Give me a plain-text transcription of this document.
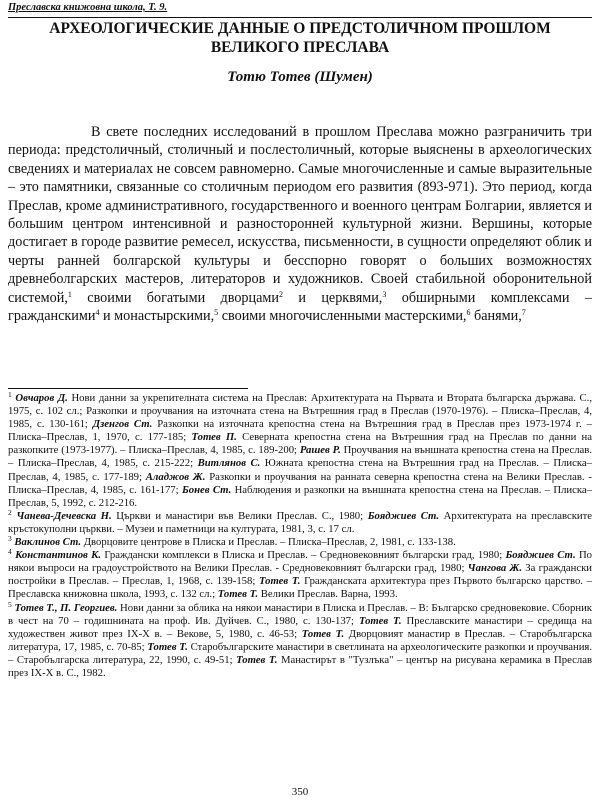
Преславска книжовна школа, Т. 9.
АРХЕОЛОГИЧЕСКИЕ ДАННЫЕ О ПРЕДСТОЛИЧНОМ ПРОШЛОМ
ВЕЛИКОГО ПРЕСЛАВА
Тотю Тотев (Шумен)

В свете последних исследований в прошлом Преслава можно разграничить три периода: предстоличный, столичный и послестоличный, которые выяснены в археологических сведениях и материалах не совсем равномерно. Самые многочисленные и самые выразительные – это памятники, связанные со столичным периодом его развития (893-971). Это период, когда Преслав, кроме административного, государственного и военного центрам Болгарии, является и большим центром интенсивной и разносторонней культурной жизни. Вершины, которые достигает в городе развитие ремесел, искусства, письменности, в сущности определяют облик и черты ранней болгарской культуры и бесспорно говорят о больших возможностях древнеболгарских мастеров, литераторов и художников. Своей стабильной оборонительной системой,$^1$ своими богатыми дворцами$^2$ и церквями,$^3$ обширными комплексами – гражданскими$^4$ и монастырскими,$^5$ своими многочисленными мастерскими,$^6$ банями,$^7$

$^1$ Овчаров Д. Нови данни за укрепителната система на Преслав: Архитектурата на Първата и Втората българска държава. С., 1975, с. 102 сл.; Разкопки и проучвания на източната стена на Вътрешния град в Преслав (1970-1976). – Плиска–Преслав, 4, 1985, с. 130-161; Дзенгов Ст. Разкопки на източната крепостна стена на Вътрешния град в Преслав през 1973-1974 г. – Плиска–Преслав, 1, 1970, с. 177-185; Тотев П. Северната крепостна стена на Вътрешния град на Преслав по данни на разкопките (1973-1977). – Плиска–Преслав, 4, 1985, с. 189-200; Рашев Р. Проучвания на външната крепостна стена на Преслав. – Плиска–Преслав, 4, 1985, с. 215-222; Витлянов С. Южната крепостна стена на Вътрешния град на Преслав. – Плиска–Преслав, 4, 1985, с. 177-189; Аладжов Ж. Разкопки и проучвания на ранната северна крепостна стена на Велики Преслав. - Плиска–Преслав, 4, 1985, с. 161-177; Бонев Ст. Наблюдения и разкопки на външната крепостна стена на Преслав. – Плиска–Преслав, 5, 1992, с. 212-216.

$^2$ Чанева-Дечевска Н. Църкви и манастири във Велики Преслав. С., 1980; Бояджиев Ст. Архитектурата на преславските кръстокуполни църкви. – Музеи и паметници на културата, 1981, 3, с. 17 сл.

$^3$ Ваклинов Ст. Дворцовите центрове в Плиска и Преслав. – Плиска–Преслав, 2, 1981, с. 133-138.

$^4$ Константинов К. Граждански комплекси в Плиска и Преслав. – Средновековният български град, 1980; Бояджиев Ст. По някои въпроси на градоустройството на Велики Преслав. - Средновековният български град, 1980; Чангова Ж. За граждански постройки в Преслав. – Преслав, 1, 1968, с. 139-158; Тотев Т. Гражданската архитектура през Първото българско царство. – Преславска книжовна школа, 1993, с. 132 сл.; Тотев Т. Велики Преслав. Варна, 1993.

$^5$ Тотев Т., П. Георгиев. Нови данни за облика на някои манастири в Плиска и Преслав. – В: Българско средновековие. Сборник в чест на 70 – годишнината на проф. Ив. Дуйчев. С., 1980, с. 130-137; Тотев Т. Преславските манастири – средища на художествен живот през IX-X в. – Векове, 5, 1980, с. 46-53; Тотев Т. Дворцовият манастир в Преслав. – Старобългарска литература, 17, 1985, с. 70-85; Тотев Т. Старобългарските манастири в светлината на археологическите разкопки и проучвания. – Старобългарска литература, 22, 1990, с. 49-51; Тотев Т. Манастирът в "Тузлъка" – център на рисувана керамика в Преслав през IX-X в. С., 1982.

350
